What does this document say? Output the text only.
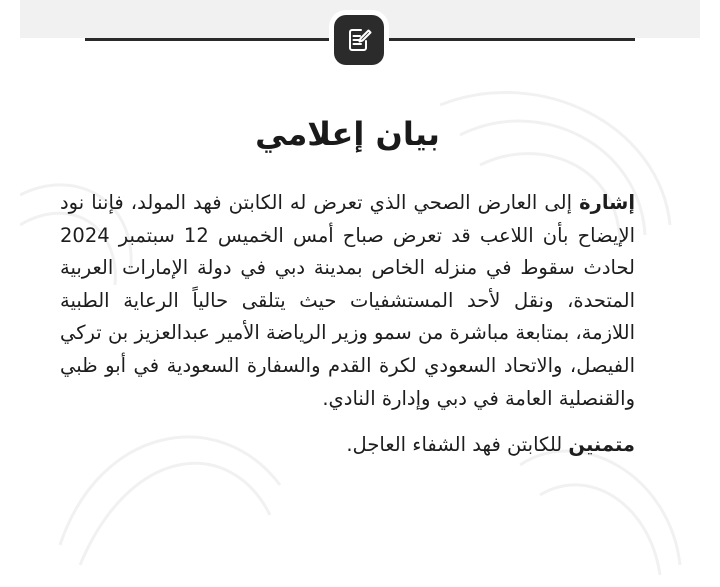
بيان إعلامي

إشارة إلى العارض الصحي الذي تعرض له الكابتن فهد المولد، فإننا نود الإيضاح بأن اللاعب قد تعرض صباح أمس الخميس 12 سبتمبر 2024 لحادث سقوط في منزله الخاص بمدينة دبي في دولة الإمارات العربية المتحدة، ونقل لأحد المستشفيات حيث يتلقى حالياً الرعاية الطبية اللازمة، بمتابعة مباشرة من سمو وزير الرياضة الأمير عبدالعزيز بن تركي الفيصل، والاتحاد السعودي لكرة القدم والسفارة السعودية في أبو ظبي والقنصلية العامة في دبي وإدارة النادي.

متمنين للكابتن فهد الشفاء العاجل.
